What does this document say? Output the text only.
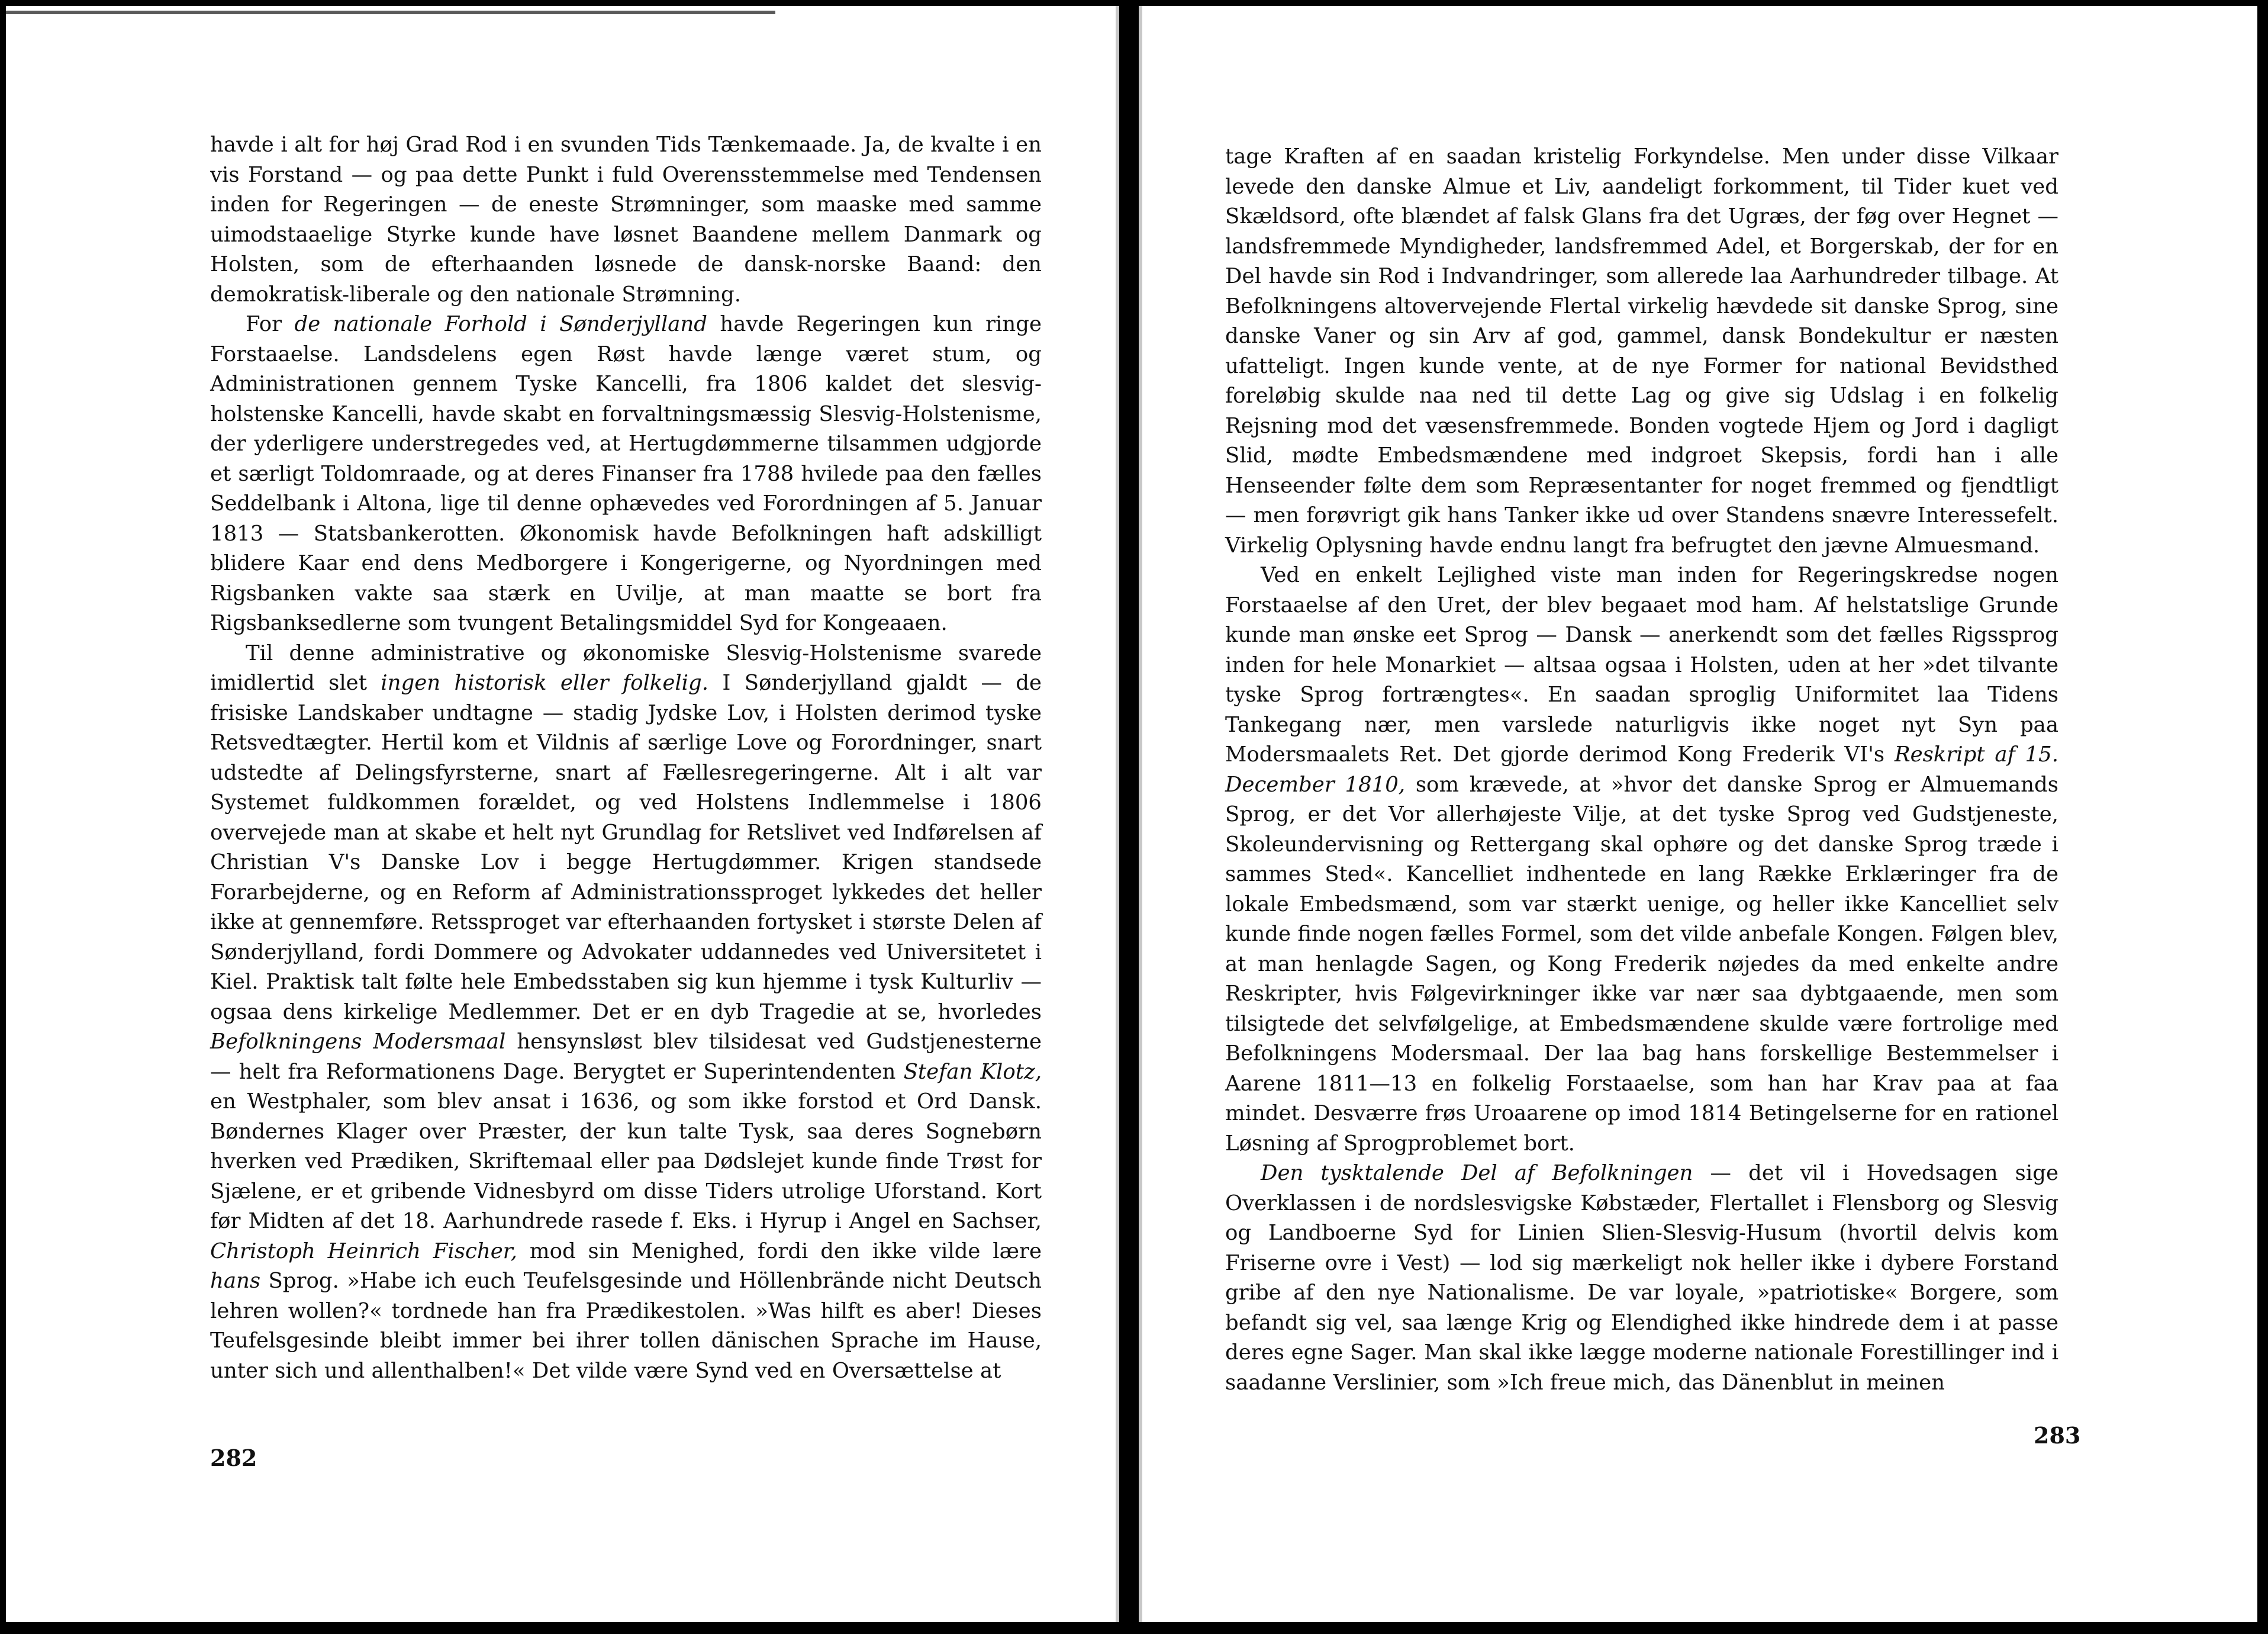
havde i alt for høj Grad Rod i en svunden Tids Tænkemaade. Ja, de kvalte i en vis Forstand — og paa dette Punkt i fuld Overensstemmelse med Tendensen inden for Regeringen — de eneste Strømninger, som maaske med samme uimodstaaelige Styrke kunde have løsnet Baandene mellem Danmark og Holsten, som de efterhaanden løsnede de dansk-norske Baand: den demokratisk-liberale og den nationale Strømning.

For de nationale Forhold i Sønderjylland havde Regeringen kun ringe Forstaaelse. Landsdelens egen Røst havde længe været stum, og Administrationen gennem Tyske Kancelli, fra 1806 kaldet det slesvig-holstenske Kancelli, havde skabt en forvaltningsmæssig Slesvig-Holstenisme, der yderligere understregedes ved, at Hertugdømmerne tilsammen udgjorde et særligt Toldomraade, og at deres Finanser fra 1788 hvilede paa den fælles Seddelbank i Altona, lige til denne ophævedes ved Forordningen af 5. Januar 1813 — Statsbankerotten. Økonomisk havde Befolkningen haft adskilligt blidere Kaar end dens Medborgere i Kongerigerne, og Nyordningen med Rigsbanken vakte saa stærk en Uvilje, at man maatte se bort fra Rigsbanksedlerne som tvungent Betalingsmiddel Syd for Kongeaaen.

Til denne administrative og økonomiske Slesvig-Holstenisme svarede imidlertid slet ingen historisk eller folkelig. I Sønderjylland gjaldt — de frisiske Landskaber undtagne — stadig Jydske Lov, i Holsten derimod tyske Retsvedtægter. Hertil kom et Vildnis af særlige Love og Forordninger, snart udstedte af Delingsfyrsterne, snart af Fællesregeringerne. Alt i alt var Systemet fuldkommen forældet, og ved Holstens Indlemmelse i 1806 overvejede man at skabe et helt nyt Grundlag for Retslivet ved Indførelsen af Christian V's Danske Lov i begge Hertugdømmer. Krigen standsede Forarbejderne, og en Reform af Administrationssproget lykkedes det heller ikke at gennemføre. Retssproget var efterhaanden fortysket i største Delen af Sønderjylland, fordi Dommere og Advokater uddannedes ved Universitetet i Kiel. Praktisk talt følte hele Embedsstaben sig kun hjemme i tysk Kulturliv — ogsaa dens kirkelige Medlemmer. Det er en dyb Tragedie at se, hvorledes Befolkningens Modersmaal hensynsløst blev tilsidesat ved Gudstjenesterne — helt fra Reformationens Dage. Berygtet er Superintendenten Stefan Klotz, en Westphaler, som blev ansat i 1636, og som ikke forstod et Ord Dansk. Bøndernes Klager over Præster, der kun talte Tysk, saa deres Sognebørn hverken ved Prædiken, Skriftemaal eller paa Dødslejet kunde finde Trøst for Sjælene, er et gribende Vidnesbyrd om disse Tiders utrolige Uforstand. Kort før Midten af det 18. Aarhundrede rasede f. Eks. i Hyrup i Angel en Sachser, Christoph Heinrich Fischer, mod sin Menighed, fordi den ikke vilde lære hans Sprog. »Habe ich euch Teufelsgesinde und Höllenbrände nicht Deutsch lehren wollen?« tordnede han fra Prædikestolen. »Was hilft es aber! Dieses Teufelsgesinde bleibt immer bei ihrer tollen dänischen Sprache im Hause, unter sich und allenthalben!« Det vilde være Synd ved en Oversættelse at

282

tage Kraften af en saadan kristelig Forkyndelse. Men under disse Vilkaar levede den danske Almue et Liv, aandeligt forkomment, til Tider kuet ved Skældsord, ofte blændet af falsk Glans fra det Ugræs, der føg over Hegnet — landsfremmede Myndigheder, landsfremmed Adel, et Borgerskab, der for en Del havde sin Rod i Indvandringer, som allerede laa Aarhundreder tilbage. At Befolkningens altovervejende Flertal virkelig hævdede sit danske Sprog, sine danske Vaner og sin Arv af god, gammel, dansk Bondekultur er næsten ufatteligt. Ingen kunde vente, at de nye Former for national Bevidsthed foreløbig skulde naa ned til dette Lag og give sig Udslag i en folkelig Rejsning mod det væsensfremmede. Bonden vogtede Hjem og Jord i dagligt Slid, mødte Embedsmændene med indgroet Skepsis, fordi han i alle Henseender følte dem som Repræsentanter for noget fremmed og fjendtligt — men forøvrigt gik hans Tanker ikke ud over Standens snævre Interessefelt. Virkelig Oplysning havde endnu langt fra befrugtet den jævne Almuesmand.

Ved en enkelt Lejlighed viste man inden for Regeringskredse nogen Forstaaelse af den Uret, der blev begaaet mod ham. Af helstatslige Grunde kunde man ønske eet Sprog — Dansk — anerkendt som det fælles Rigssprog inden for hele Monarkiet — altsaa ogsaa i Holsten, uden at her »det tilvante tyske Sprog fortrængtes«. En saadan sproglig Uniformitet laa Tidens Tankegang nær, men varslede naturligvis ikke noget nyt Syn paa Modersmaalets Ret. Det gjorde derimod Kong Frederik VI's Reskript af 15. December 1810, som krævede, at »hvor det danske Sprog er Almuemands Sprog, er det Vor allerhøjeste Vilje, at det tyske Sprog ved Gudstjeneste, Skoleundervisning og Rettergang skal ophøre og det danske Sprog træde i sammes Sted«. Kancelliet indhentede en lang Række Erklæringer fra de lokale Embedsmænd, som var stærkt uenige, og heller ikke Kancelliet selv kunde finde nogen fælles Formel, som det vilde anbefale Kongen. Følgen blev, at man henlagde Sagen, og Kong Frederik nøjedes da med enkelte andre Reskripter, hvis Følgevirkninger ikke var nær saa dybtgaaende, men som tilsigtede det selvfølgelige, at Embedsmændene skulde være fortrolige med Befolkningens Modersmaal. Der laa bag hans forskellige Bestemmelser i Aarene 1811—13 en folkelig Forstaaelse, som han har Krav paa at faa mindet. Desværre frøs Uroaarene op imod 1814 Betingelserne for en rationel Løsning af Sprogproblemet bort.

Den tysktalende Del af Befolkningen — det vil i Hovedsagen sige Overklassen i de nordslesvigske Købstæder, Flertallet i Flensborg og Slesvig og Landboerne Syd for Linien Slien-Slesvig-Husum (hvortil delvis kom Friserne ovre i Vest) — lod sig mærkeligt nok heller ikke i dybere Forstand gribe af den nye Nationalisme. De var loyale, »patriotiske« Borgere, som befandt sig vel, saa længe Krig og Elendighed ikke hindrede dem i at passe deres egne Sager. Man skal ikke lægge moderne nationale Forestillinger ind i saadanne Verslinier, som »Ich freue mich, das Dänenblut in meinen

283
